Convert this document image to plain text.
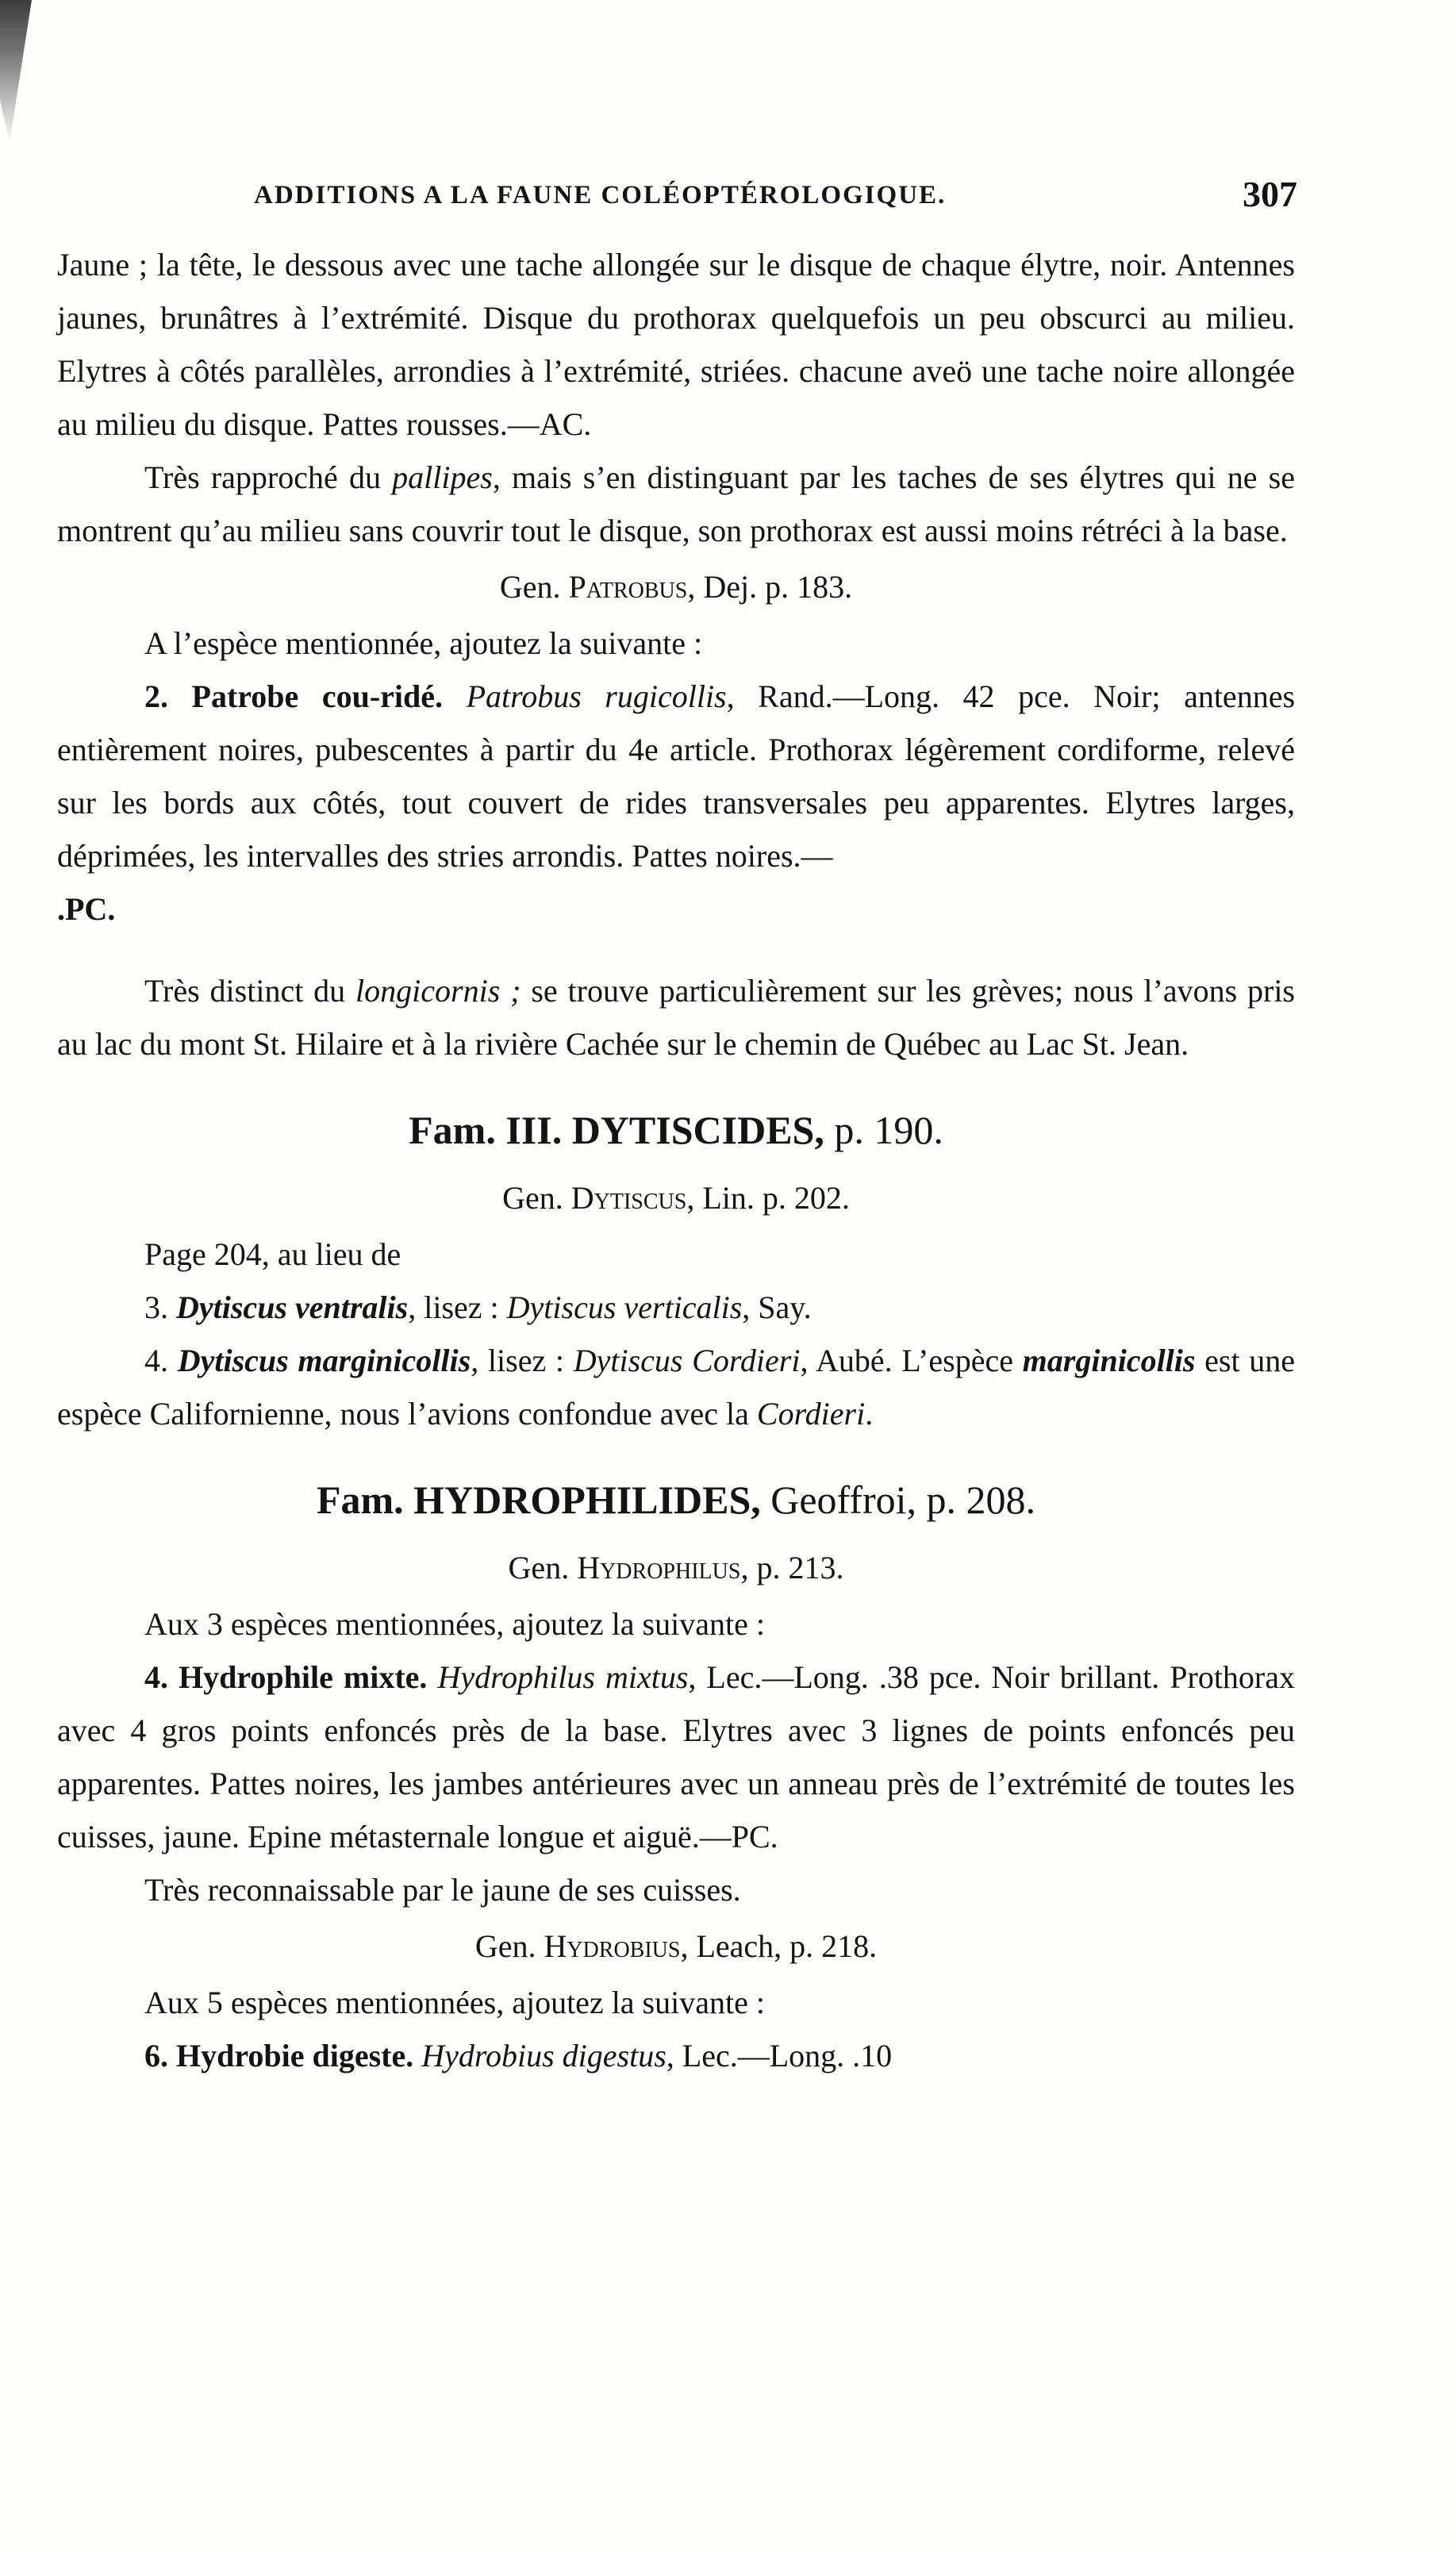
ADDITIONS A LA FAUNE COLÉOPTÉROLOGIQUE.	307

Jaune ; la tête, le dessous avec une tache allongée sur le disque de chaque élytre, noir. Antennes jaunes, brunâtres à l’extrémité. Disque du prothorax quelquefois un peu obscurci au milieu. Elytres à côtés parallèles, arrondies à l’extrémité, striées. chacune aveö une tache noire allongée au milieu du disque. Pattes rousses.—AC.

Très rapproché du pallipes, mais s’en distinguant par les taches de ses élytres qui ne se montrent qu’au milieu sans couvrir tout le disque, son prothorax est aussi moins rétréci à la base.

Gen. Patrobus, Dej. p. 183.

A l’espèce mentionnée, ajoutez la suivante :

2. Patrobe cou-ridé. Patrobus rugicollis, Rand.—Long. 42 pce. Noir; antennes entièrement noires, pubescentes à partir du 4e article. Prothorax légèrement cordiforme, relevé sur les bords aux côtés, tout couvert de rides transversales peu apparentes. Elytres larges, déprimées, les intervalles des stries arrondis. Pattes noires.—

.PC.

Très distinct du longicornis ; se trouve particulièrement sur les grèves; nous l’avons pris au lac du mont St. Hilaire et à la rivière Cachée sur le chemin de Québec au Lac St. Jean.

Fam. III. DYTISCIDES, p. 190.

Gen. Dytiscus, Lin. p. 202.

Page 204, au lieu de

3. Dytiscus ventralis, lisez : Dytiscus verticalis, Say.

4. Dytiscus marginicollis, lisez : Dytiscus Cordieri, Aubé. L’espèce marginicollis est une espèce Californienne, nous l’avions confondue avec la Cordieri.

Fam. HYDROPHILIDES, Geoffroi, p. 208.

Gen. Hydrophilus, p. 213.

Aux 3 espèces mentionnées, ajoutez la suivante :

4. Hydrophile mixte. Hydrophilus mixtus, Lec.—Long. .38 pce. Noir brillant. Prothorax avec 4 gros points enfoncés près de la base. Elytres avec 3 lignes de points enfoncés peu apparentes. Pattes noires, les jambes antérieures avec un anneau près de l’extrémité de toutes les cuisses, jaune. Epine métasternale longue et aiguë.—PC.

Très reconnaissable par le jaune de ses cuisses.

Gen. Hydrobius, Leach, p. 218.

Aux 5 espèces mentionnées, ajoutez la suivante :

6. Hydrobie digeste. Hydrobius digestus, Lec.—Long. .10
